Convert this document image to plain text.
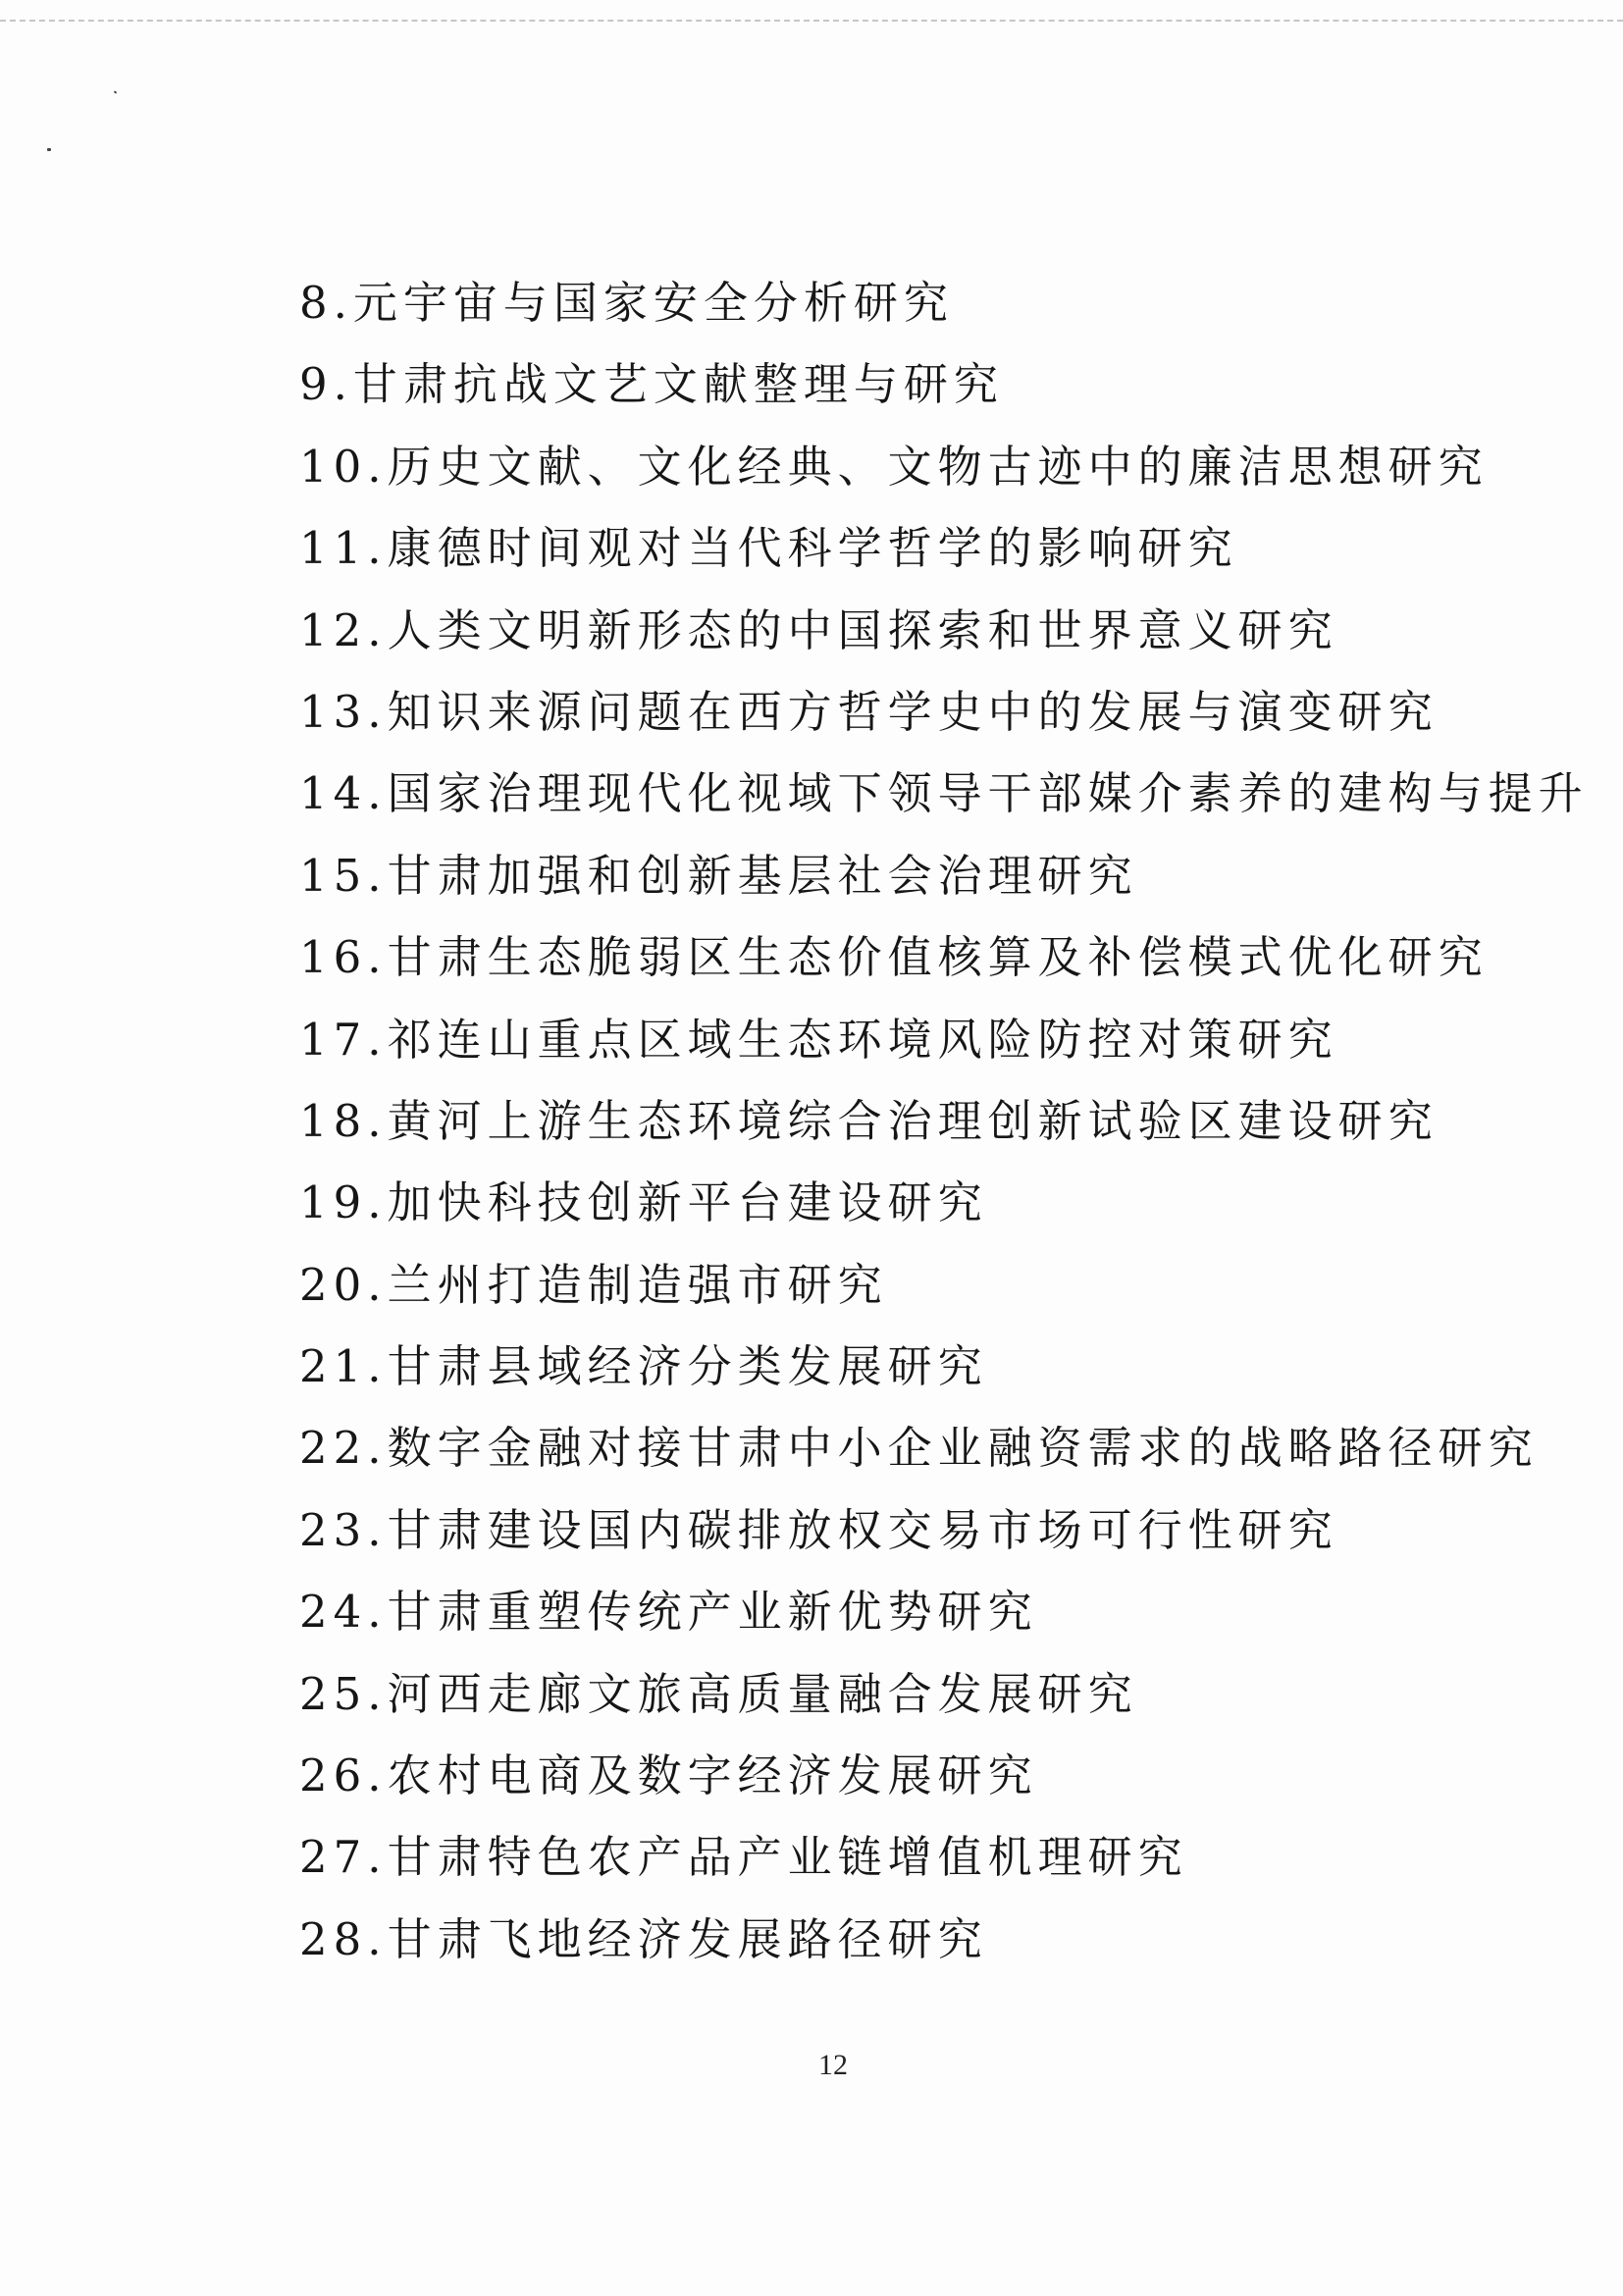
8.元宇宙与国家安全分析研究
9.甘肃抗战文艺文献整理与研究
10.历史文献、文化经典、文物古迹中的廉洁思想研究
11.康德时间观对当代科学哲学的影响研究
12.人类文明新形态的中国探索和世界意义研究
13.知识来源问题在西方哲学史中的发展与演变研究
14.国家治理现代化视域下领导干部媒介素养的建构与提升
15.甘肃加强和创新基层社会治理研究
16.甘肃生态脆弱区生态价值核算及补偿模式优化研究
17.祁连山重点区域生态环境风险防控对策研究
18.黄河上游生态环境综合治理创新试验区建设研究
19.加快科技创新平台建设研究
20.兰州打造制造强市研究
21.甘肃县域经济分类发展研究
22.数字金融对接甘肃中小企业融资需求的战略路径研究
23.甘肃建设国内碳排放权交易市场可行性研究
24.甘肃重塑传统产业新优势研究
25.河西走廊文旅高质量融合发展研究
26.农村电商及数字经济发展研究
27.甘肃特色农产品产业链增值机理研究
28.甘肃飞地经济发展路径研究
12
